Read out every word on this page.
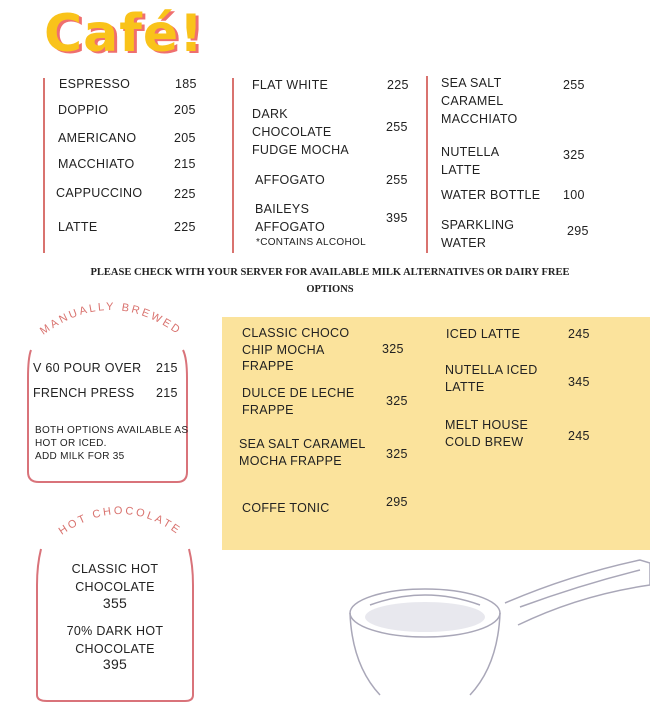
Café!
ESPRESSO	185
DOPPIO	205
AMERICANO	205
MACCHIATO	215
CAPPUCCINO	225
LATTE	225
FLAT WHITE	225
DARK
CHOCOLATE
FUDGE MOCHA
255
AFFOGATO	255
BAILEYS
AFFOGATO
395
*CONTAINS ALCOHOL
SEA SALT
CARAMEL
MACCHIATO
255
NUTELLA
LATTE
325
WATER BOTTLE 100
SPARKLING
WATER
295
PLEASE CHECK WITH YOUR SERVER FOR AVAILABLE MILK ALTERNATIVES OR DAIRY FREE OPTIONS
MANUALLY BREWED
V 60 POUR OVER 215
FRENCH PRESS 215
BOTH OPTIONS AVAILABLE AS
HOT OR ICED.
ADD MILK FOR 35
HOT CHOCOLATE
CLASSIC HOT
CHOCOLATE
355
70% DARK HOT
CHOCOLATE
395
CLASSIC CHOCO
CHIP MOCHA
FRAPPE
325
DULCE DE LECHE
FRAPPE
325
SEA SALT CARAMEL
MOCHA FRAPPE	325
COFFE TONIC	295
ICED LATTE	245
NUTELLA ICED
LATTE	345
MELT HOUSE
COLD BREW	245
